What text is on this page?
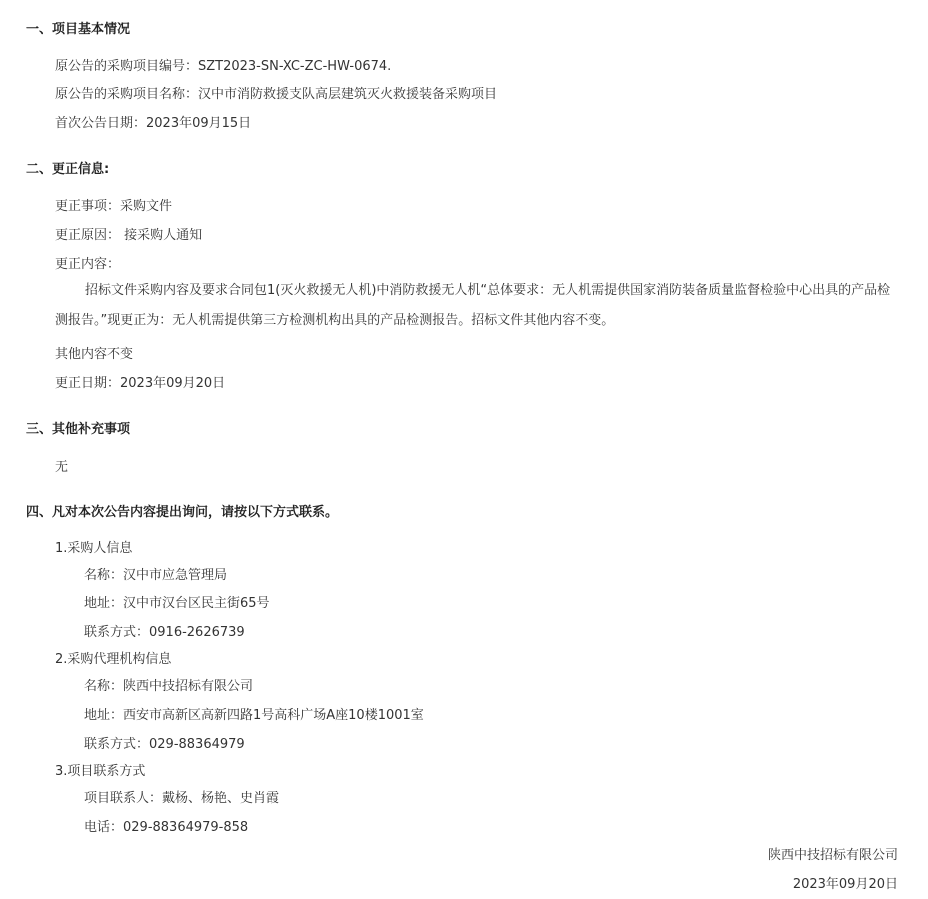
一、项目基本情况
原公告的采购项目编号：SZT2023-SN-XC-ZC-HW-0674.
原公告的采购项目名称：汉中市消防救援支队高层建筑灭火救援装备采购项目
首次公告日期：2023年09月15日
二、更正信息:
更正事项：采购文件
更正原因： 接采购人通知
更正内容：
招标文件采购内容及要求合同包1(灭火救援无人机)中消防救援无人机“总体要求：无人机需提供国家消防装备质量监督检验中心出具的产品检测报告。”现更正为：无人机需提供第三方检测机构出具的产品检测报告。招标文件其他内容不变。
其他内容不变
更正日期：2023年09月20日
三、其他补充事项
无
四、凡对本次公告内容提出询问，请按以下方式联系。
1.采购人信息
名称：汉中市应急管理局
地址：汉中市汉台区民主街65号
联系方式：0916-2626739
2.采购代理机构信息
名称：陕西中技招标有限公司
地址：西安市高新区高新四路1号高科广场A座10楼1001室
联系方式：029-88364979
3.项目联系方式
项目联系人：戴杨、杨艳、史肖霞
电话：029-88364979-858
陕西中技招标有限公司
2023年09月20日
